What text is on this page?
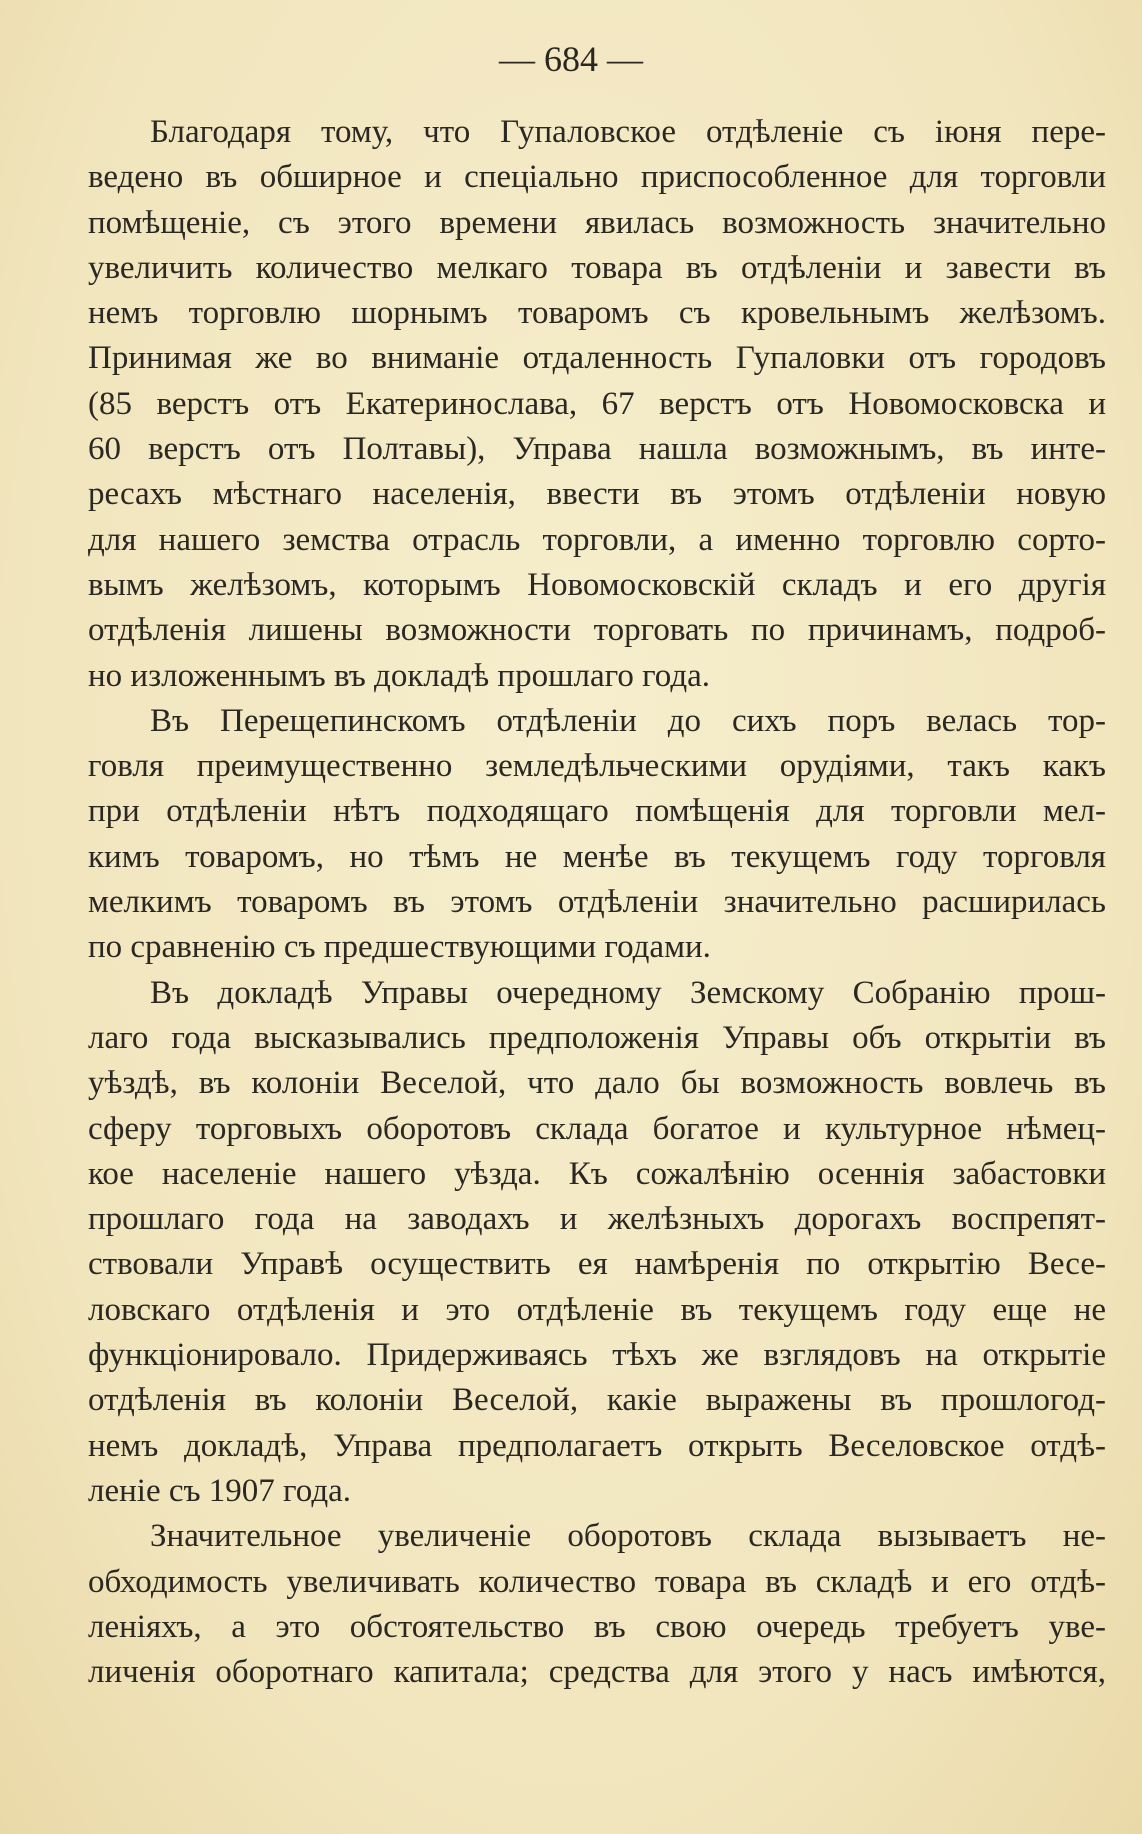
— 684 —

Благодаря тому, что Гупаловское отдѣленіе съ іюня пере-
ведено въ обширное и спеціально приспособленное для торговли
помѣщеніе, съ этого времени явилась возможность значительно
увеличить количество мелкаго товара въ отдѣленіи и завести въ
немъ торговлю шорнымъ товаромъ съ кровельнымъ желѣзомъ.
Принимая же во вниманіе отдаленность Гупаловки отъ городовъ
(85 верстъ отъ Екатеринослава, 67 верстъ отъ Новомосковска и
60 верстъ отъ Полтавы), Управа нашла возможнымъ, въ инте-
ресахъ мѣстнаго населенія, ввести въ этомъ отдѣленіи новую
для нашего земства отрасль торговли, а именно торговлю сорто-
вымъ желѣзомъ, которымъ Новомосковскій складъ и его другія
отдѣленія лишены возможности торговать по причинамъ, подроб-
но изложеннымъ въ докладѣ прошлаго года.

Въ Перещепинскомъ отдѣленіи до сихъ поръ велась тор-
говля преимущественно земледѣльческими орудіями, такъ какъ
при отдѣленіи нѣтъ подходящаго помѣщенія для торговли мел-
кимъ товаромъ, но тѣмъ не менѣе въ текущемъ году торговля
мелкимъ товаромъ въ этомъ отдѣленіи значительно расширилась
по сравненію съ предшествующими годами.

Въ докладѣ Управы очередному Земскому Собранію прош-
лаго года высказывались предположенія Управы объ открытіи въ
уѣздѣ, въ колоніи Веселой, что дало бы возможность вовлечь въ
сферу торговыхъ оборотовъ склада богатое и культурное нѣмец-
кое населеніе нашего уѣзда. Къ сожалѣнію осеннія забастовки
прошлаго года на заводахъ и желѣзныхъ дорогахъ воспрепят-
ствовали Управѣ осуществить ея намѣренія по открытію Весе-
ловскаго отдѣленія и это отдѣленіе въ текущемъ году еще не
функціонировало. Придерживаясь тѣхъ же взглядовъ на открытіе
отдѣленія въ колоніи Веселой, какіе выражены въ прошлогод-
немъ докладѣ, Управа предполагаетъ открыть Веселовское отдѣ-
леніе съ 1907 года.

Значительное увеличеніе оборотовъ склада вызываетъ не-
обходимость увеличивать количество товара въ складѣ и его отдѣ-
леніяхъ, а это обстоятельство въ свою очередь требуетъ уве-
личенія оборотнаго капитала; средства для этого у насъ имѣются,
